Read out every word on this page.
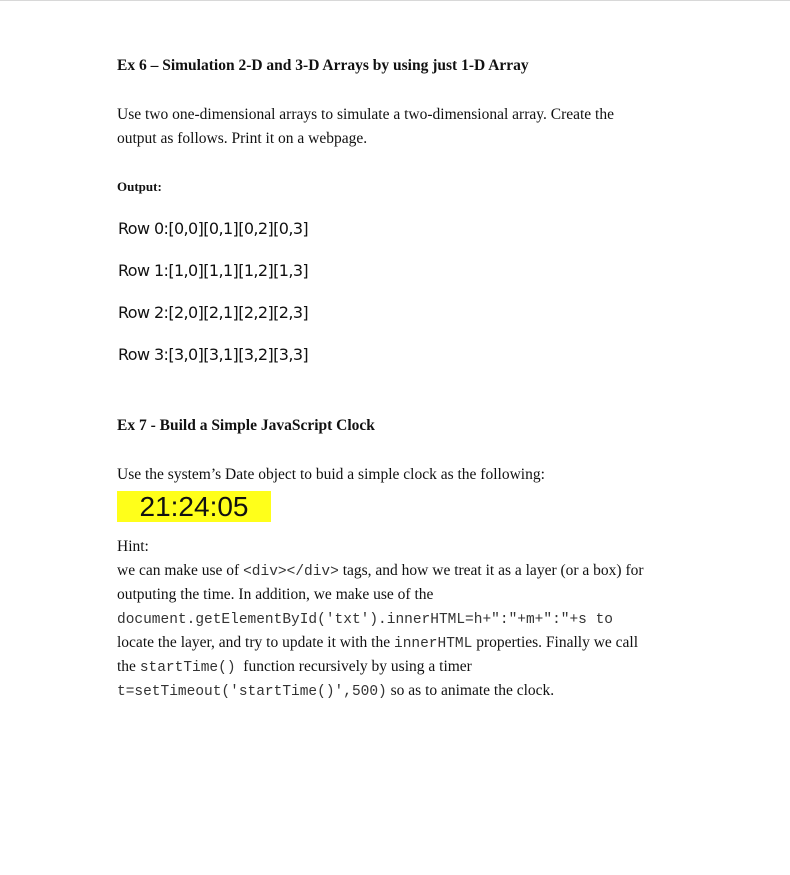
Ex 6 – Simulation 2-D and 3-D Arrays by using just 1-D Array
Use two one-dimensional arrays to simulate a two-dimensional array. Create the
output as follows. Print it on a webpage.
Output:
Row 0:[0,0][0,1][0,2][0,3]
Row 1:[1,0][1,1][1,2][1,3]
Row 2:[2,0][2,1][2,2][2,3]
Row 3:[3,0][3,1][3,2][3,3]
Ex 7 - Build a Simple JavaScript Clock
Use the system’s Date object to buid a simple clock as the following:
21:24:05
Hint:
we can make use of <div></div> tags, and how we treat it as a layer (or a box) for
outputing the time. In addition, we make use of the
document.getElementById('txt').innerHTML=h+":"+m+":"+s to
locate the layer, and try to update it with the innerHTML properties. Finally we call
the startTime()  function recursively by using a timer
t=setTimeout('startTime()',500) so as to animate the clock.
